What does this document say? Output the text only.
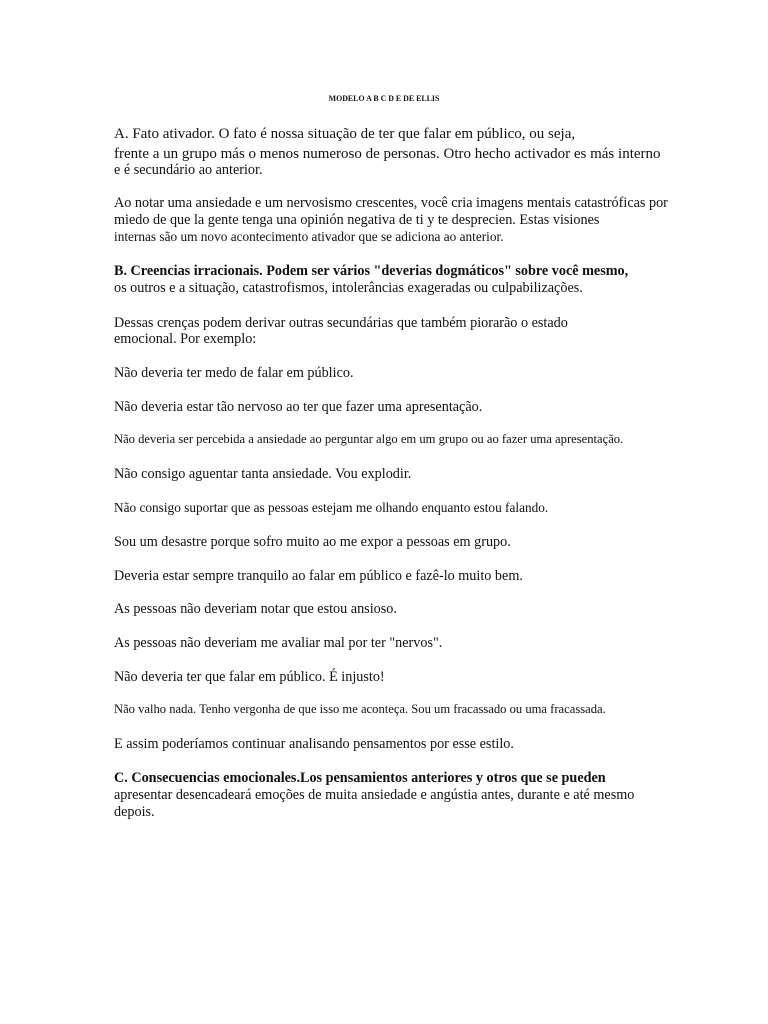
MODELO A B C D E DE ELLIS
A. Fato ativador. O fato é nossa situação de ter que falar em público, ou seja,
frente a un grupo más o menos numeroso de personas. Otro hecho activador es más interno
e é secundário ao anterior.
Ao notar uma ansiedade e um nervosismo crescentes, você cria imagens mentais catastróficas por
miedo de que la gente tenga una opinión negativa de ti y te desprecien. Estas visiones
internas são um novo acontecimento ativador que se adiciona ao anterior.
B. Creencias irracionais. Podem ser vários "deverias dogmáticos" sobre você mesmo,
os outros e a situação, catastrofismos, intolerâncias exageradas ou culpabilizações.
Dessas crenças podem derivar outras secundárias que também piorarão o estado
emocional. Por exemplo:
Não deveria ter medo de falar em público.
Não deveria estar tão nervoso ao ter que fazer uma apresentação.
Não deveria ser percebida a ansiedade ao perguntar algo em um grupo ou ao fazer uma apresentação.
Não consigo aguentar tanta ansiedade. Vou explodir.
Não consigo suportar que as pessoas estejam me olhando enquanto estou falando.
Sou um desastre porque sofro muito ao me expor a pessoas em grupo.
Deveria estar sempre tranquilo ao falar em público e fazê-lo muito bem.
As pessoas não deveriam notar que estou ansioso.
As pessoas não deveriam me avaliar mal por ter "nervos".
Não deveria ter que falar em público. É injusto!
Não valho nada. Tenho vergonha de que isso me aconteça. Sou um fracassado ou uma fracassada.
E assim poderíamos continuar analisando pensamentos por esse estilo.
C. Consecuencias emocionales.Los pensamientos anteriores y otros que se pueden
apresentar desencadeará emoções de muita ansiedade e angústia antes, durante e até mesmo
depois.
